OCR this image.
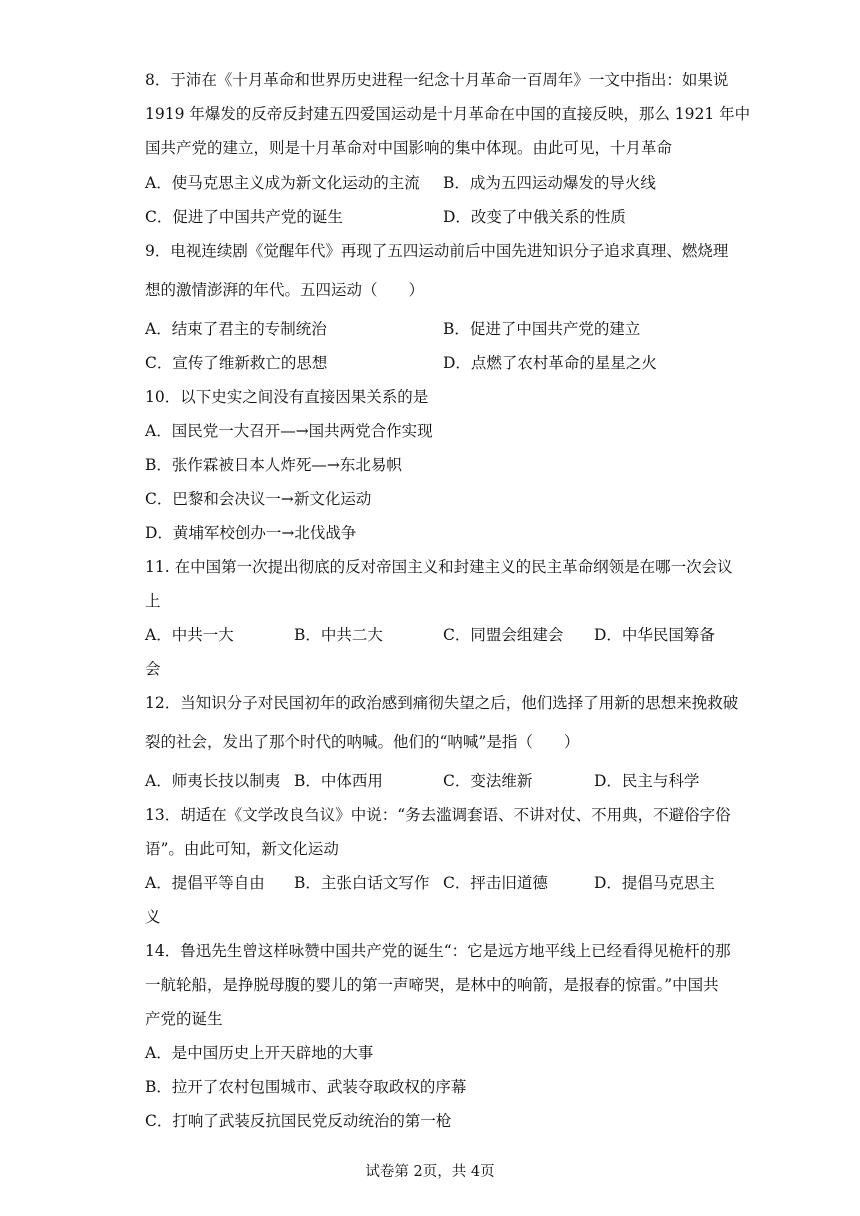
8．于沛在《十月革命和世界历史进程一纪念十月革命一百周年》一文中指出：如果说
1919 年爆发的反帝反封建五四爱国运动是十月革命在中国的直接反映，那么 1921 年中
国共产党的建立，则是十月革命对中国影响的集中体现。由此可见，十月革命
A．使马克思主义成为新文化运动的主流 B．成为五四运动爆发的导火线
C．促进了中国共产党的诞生	D．改变了中俄关系的性质
9．电视连续剧《觉醒年代》再现了五四运动前后中国先进知识分子追求真理、燃烧理
想的激情澎湃的年代。五四运动（　　）
A．结束了君主的专制统治	B．促进了中国共产党的建立
C．宣传了维新救亡的思想	D．点燃了农村革命的星星之火
10．以下史实之间没有直接因果关系的是
A．国民党一大召开—→国共两党合作实现
B．张作霖被日本人炸死—→东北易帜
C．巴黎和会决议一→新文化运动
D．黄埔军校创办一→北伐战争
11. 在中国第一次提出彻底的反对帝国主义和封建主义的民主革命纲领是在哪一次会议
上
A．中共一大	B．中共二大	C．同盟会组建会 D．中华民国筹备
会
12．当知识分子对民国初年的政治感到痛彻失望之后，他们选择了用新的思想来挽救破
裂的社会，发出了那个时代的呐喊。他们的“呐喊”是指（　　）
A．师夷长技以制夷 B．中体西用	C．变法维新	D．民主与科学
13．胡适在《文学改良刍议》中说：“务去滥调套语、不讲对仗、不用典，不避俗字俗
语”。由此可知，新文化运动
A．提倡平等自由 B．主张白话文写作 C．抨击旧道德	D．提倡马克思主
义
14．鲁迅先生曾这样咏赞中国共产党的诞生“：它是远方地平线上已经看得见桅杆的那
一航轮船，是挣脱母腹的婴儿的第一声啼哭，是林中的响箭，是报春的惊雷。”中国共
产党的诞生
A．是中国历史上开天辟地的大事
B．拉开了农村包围城市、武装夺取政权的序幕
C．打响了武装反抗国民党反动统治的第一枪
试卷第 2页，共 4页
